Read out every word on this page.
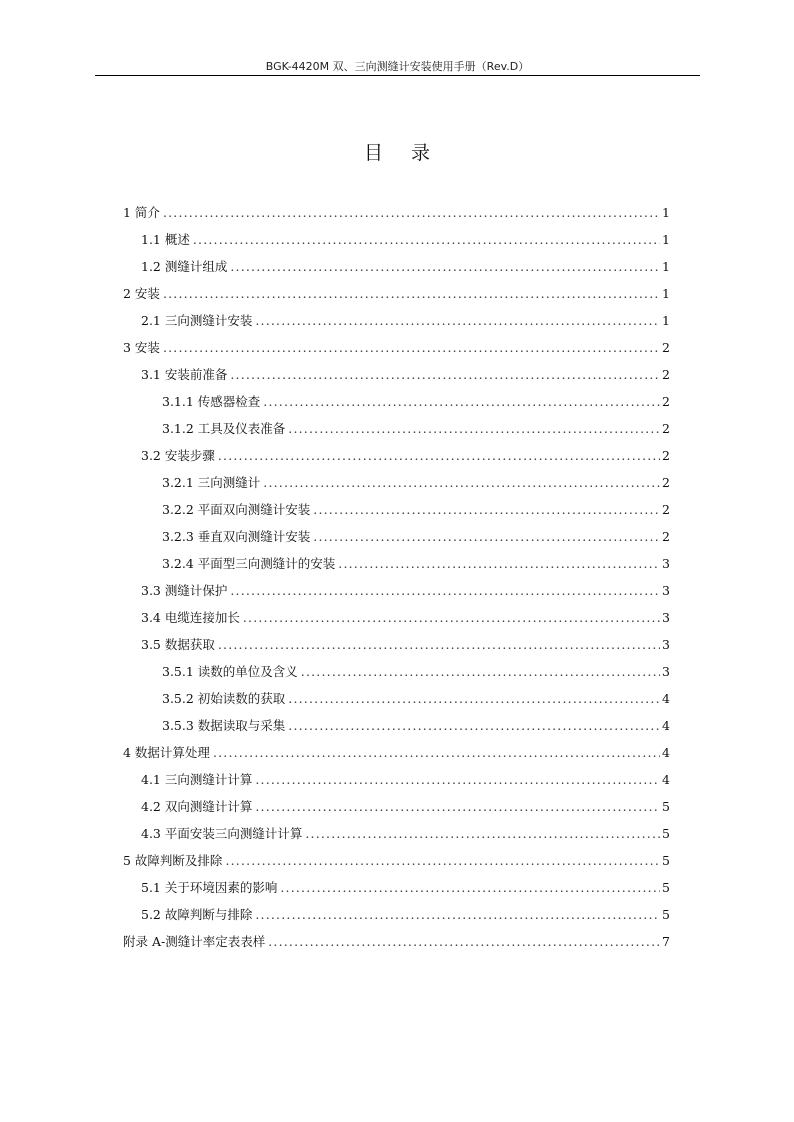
BGK-4420M 双、三向测缝计安装使用手册（Rev.D）
目录
1 简介 .....	1
1.1 概述 .....	1
1.2 测缝计组成 .....	1
2 安装 .....	1
2.1 三向测缝计安装 .....	1
3 安装 .....	2
3.1 安装前准备 .....	2
3.1.1 传感器检查 .....	2
3.1.2 工具及仪表准备 .....	2
3.2 安装步骤 .....	2
3.2.1 三向测缝计 .....	2
3.2.2 平面双向测缝计安装 .....	2
3.2.3 垂直双向测缝计安装 .....	2
3.2.4 平面型三向测缝计的安装 .....	3
3.3 测缝计保护 .....	3
3.4 电缆连接加长 .....	3
3.5 数据获取 .....	3
3.5.1 读数的单位及含义 .....	3
3.5.2 初始读数的获取 .....	4
3.5.3 数据读取与采集 .....	4
4 数据计算处理 .....	4
4.1 三向测缝计计算 .....	4
4.2 双向测缝计计算 .....	5
4.3 平面安装三向测缝计计算 .....	5
5 故障判断及排除 .....	5
5.1 关于环境因素的影响 .....	5
5.2 故障判断与排除 .....	5
附录 A-测缝计率定表表样 .....	7
